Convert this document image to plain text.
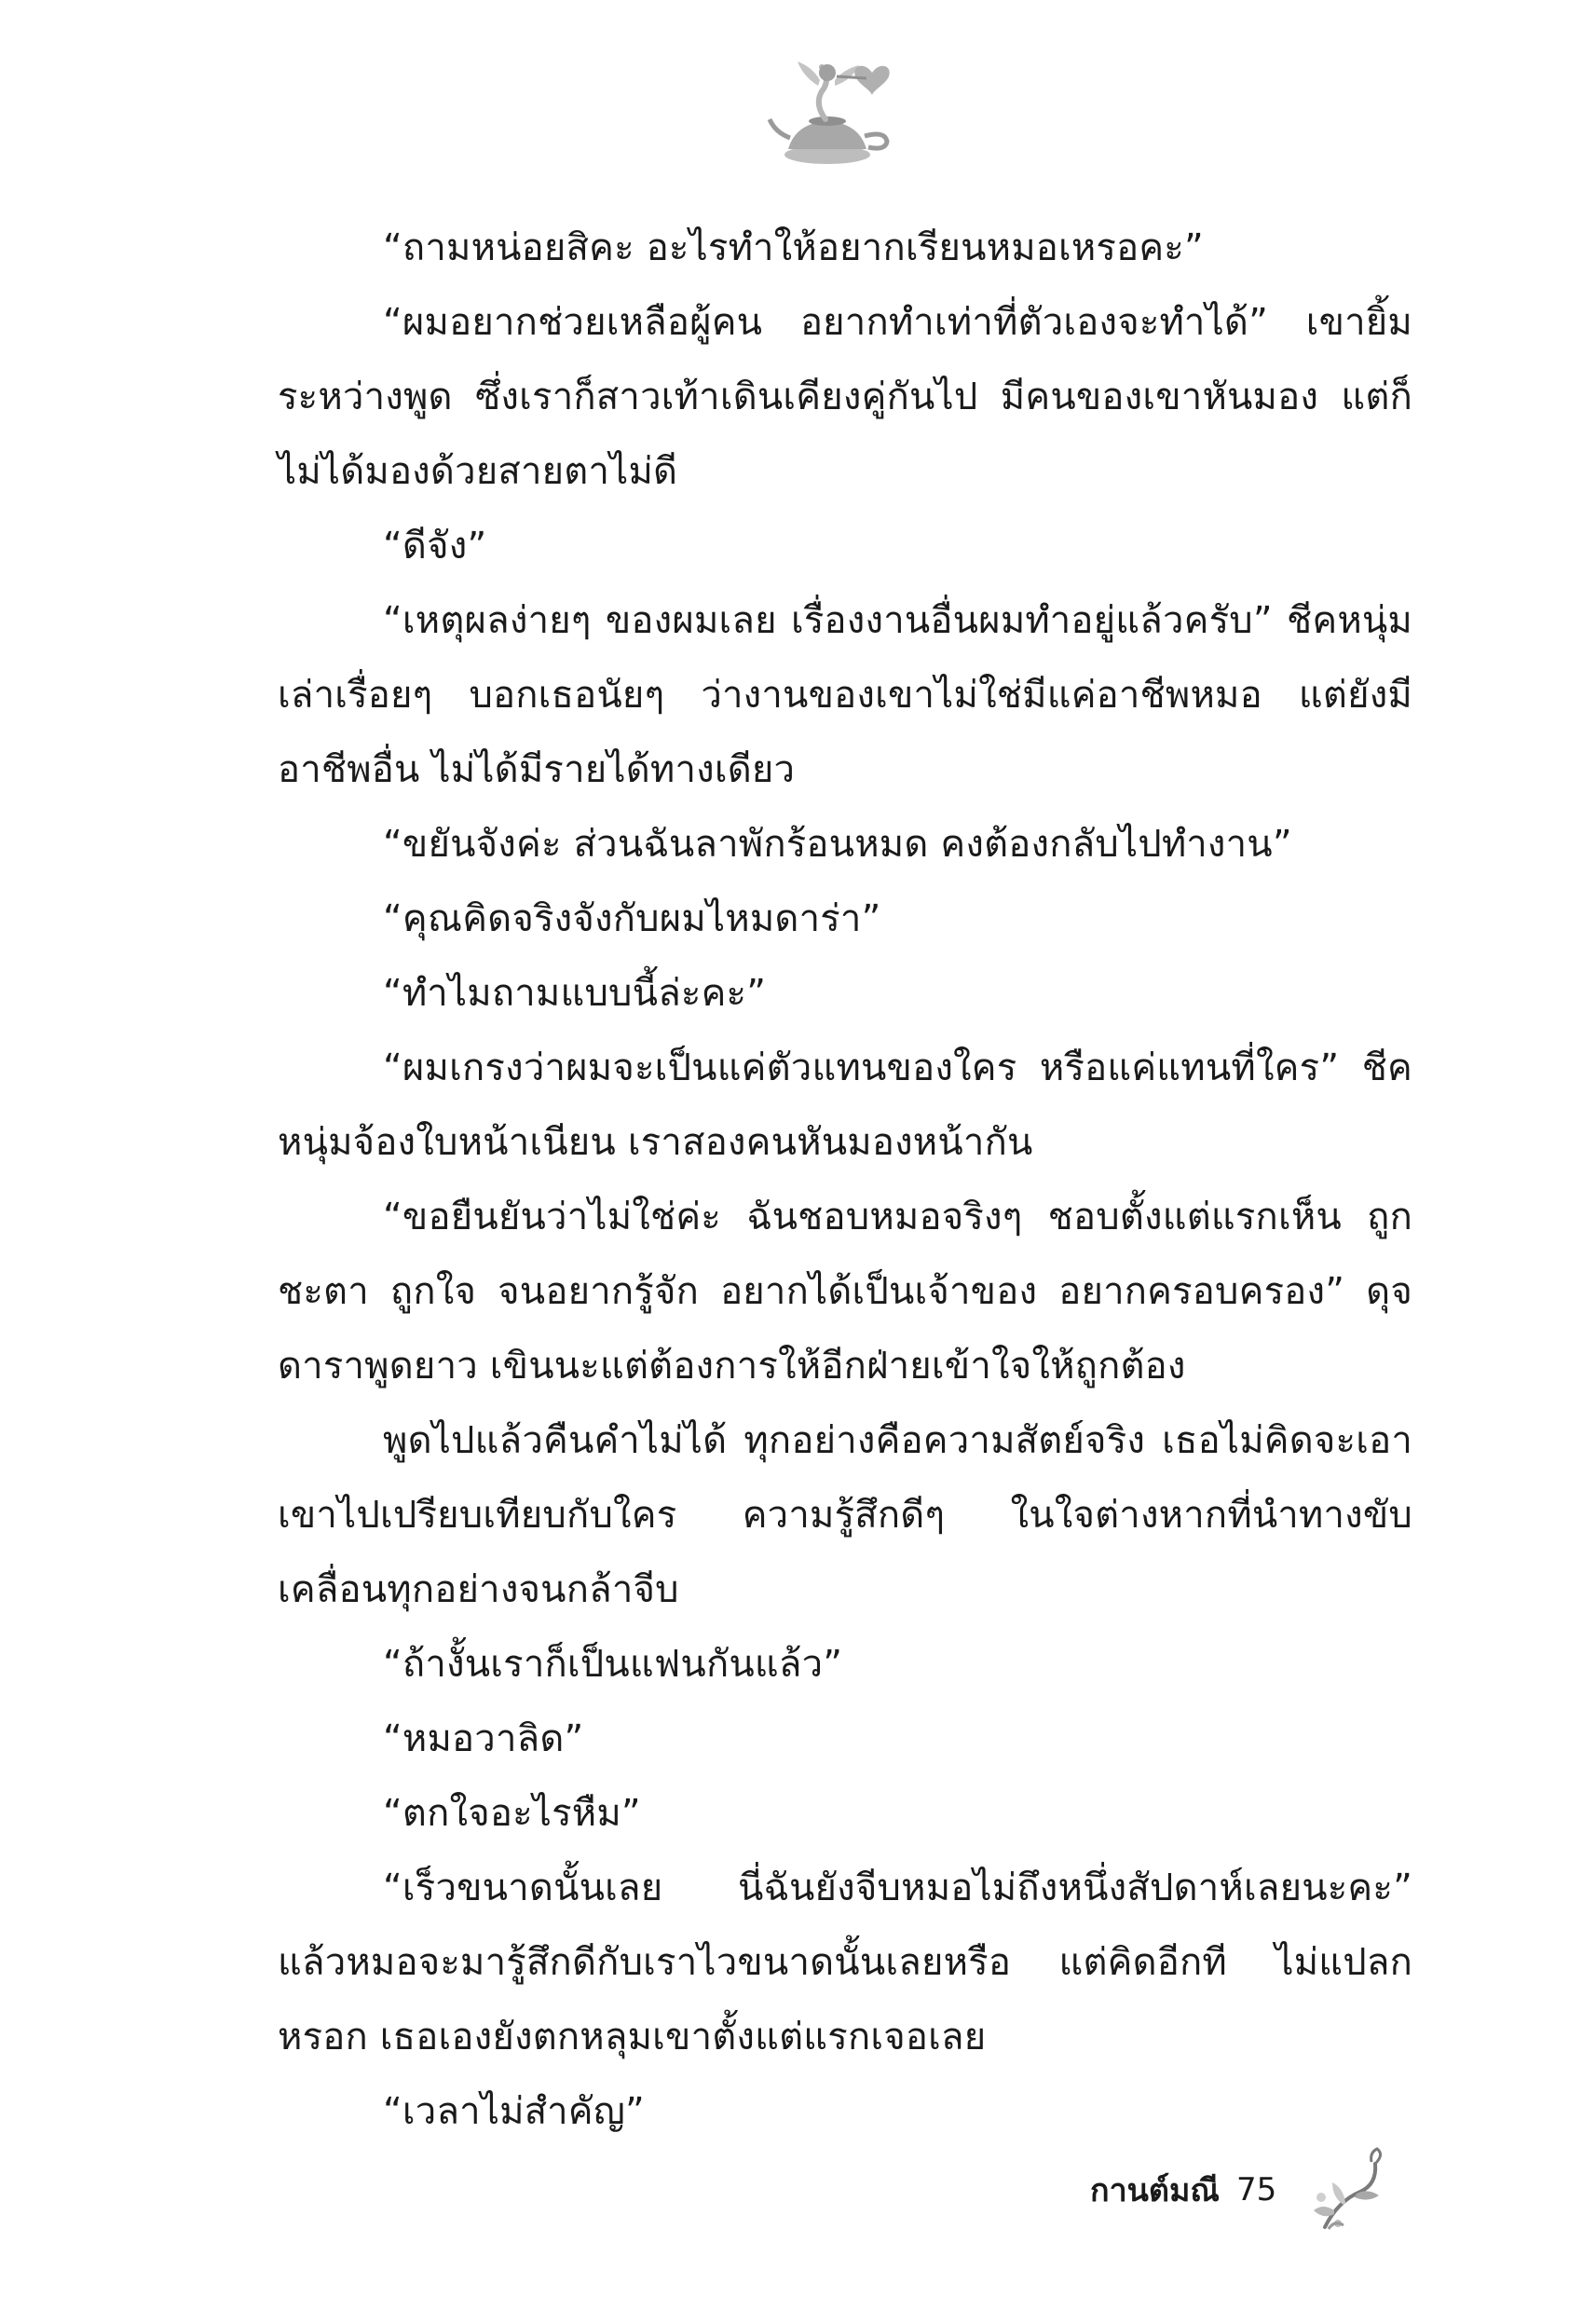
“ถามหน่อยสิคะ อะไรทำให้อยากเรียนหมอเหรอคะ”

“ผมอยากช่วยเหลือผู้คน อยากทำเท่าที่ตัวเองจะทำได้” เขายิ้มระหว่างพูด ซึ่งเราก็สาวเท้าเดินเคียงคู่กันไป มีคนของเขาหันมอง แต่ก็ไม่ได้มองด้วยสายตาไม่ดี

“ดีจัง”

“เหตุผลง่ายๆ ของผมเลย เรื่องงานอื่นผมทำอยู่แล้วครับ” ชีคหนุ่มเล่าเรื่อยๆ บอกเธอนัยๆ ว่างานของเขาไม่ใช่มีแค่อาชีพหมอ แต่ยังมีอาชีพอื่น ไม่ได้มีรายได้ทางเดียว

“ขยันจังค่ะ ส่วนฉันลาพักร้อนหมด คงต้องกลับไปทำงาน”

“คุณคิดจริงจังกับผมไหมดาร่า”

“ทำไมถามแบบนี้ล่ะคะ”

“ผมเกรงว่าผมจะเป็นแค่ตัวแทนของใคร หรือแค่แทนที่ใคร” ชีคหนุ่มจ้องใบหน้าเนียน เราสองคนหันมองหน้ากัน

“ขอยืนยันว่าไม่ใช่ค่ะ ฉันชอบหมอจริงๆ ชอบตั้งแต่แรกเห็น ถูกชะตา ถูกใจ จนอยากรู้จัก อยากได้เป็นเจ้าของ อยากครอบครอง” ดุจดาราพูดยาว เขินนะแต่ต้องการให้อีกฝ่ายเข้าใจให้ถูกต้อง

พูดไปแล้วคืนคำไม่ได้ ทุกอย่างคือความสัตย์จริง เธอไม่คิดจะเอาเขาไปเปรียบเทียบกับใคร ความรู้สึกดีๆ ในใจต่างหากที่นำทางขับเคลื่อนทุกอย่างจนกล้าจีบ

“ถ้างั้นเราก็เป็นแฟนกันแล้ว”

“หมอวาลิด”

“ตกใจอะไรหืม”

“เร็วขนาดนั้นเลย นี่ฉันยังจีบหมอไม่ถึงหนึ่งสัปดาห์เลยนะคะ” แล้วหมอจะมารู้สึกดีกับเราไวขนาดนั้นเลยหรือ แต่คิดอีกที ไม่แปลกหรอก เธอเองยังตกหลุมเขาตั้งแต่แรกเจอเลย

“เวลาไม่สำคัญ”

กานต์มณี 75
